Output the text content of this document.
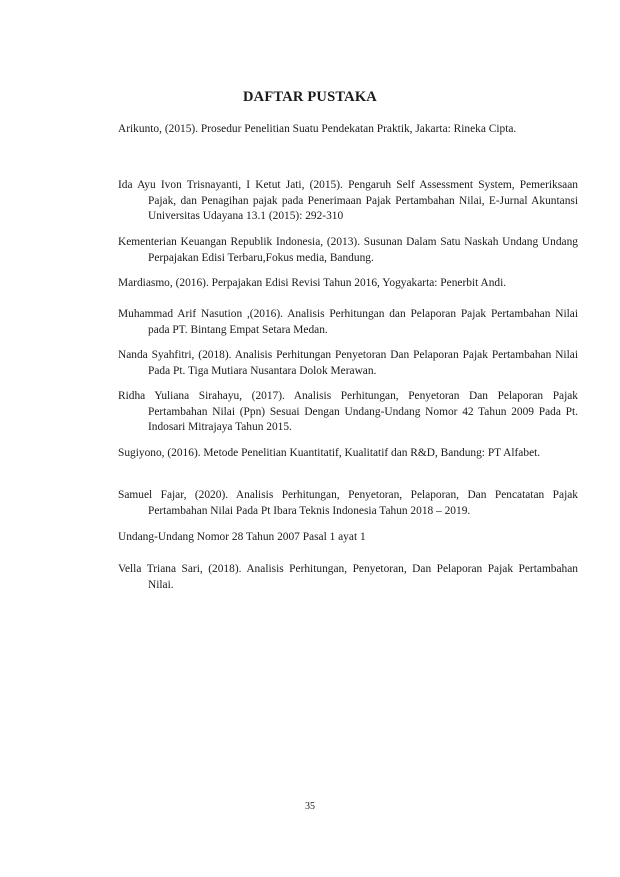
DAFTAR PUSTAKA
Arikunto, (2015). Prosedur Penelitian Suatu Pendekatan Praktik, Jakarta: Rineka Cipta.
Ida Ayu Ivon Trisnayanti, I Ketut Jati, (2015). Pengaruh Self Assessment System, Pemeriksaan Pajak, dan Penagihan pajak pada Penerimaan Pajak Pertambahan Nilai, E-Jurnal Akuntansi Universitas Udayana 13.1 (2015): 292-310
Kementerian Keuangan Republik Indonesia, (2013). Susunan Dalam Satu Naskah Undang Undang Perpajakan Edisi Terbaru,Fokus media, Bandung.
Mardiasmo, (2016). Perpajakan Edisi Revisi Tahun 2016, Yogyakarta: Penerbit Andi.
Muhammad Arif Nasution ,(2016). Analisis Perhitungan dan Pelaporan Pajak Pertambahan Nilai pada PT. Bintang Empat Setara Medan.
Nanda Syahfitri, (2018). Analisis Perhitungan Penyetoran Dan Pelaporan Pajak Pertambahan Nilai Pada Pt. Tiga Mutiara Nusantara Dolok Merawan.
Ridha Yuliana Sirahayu, (2017). Analisis Perhitungan, Penyetoran Dan Pelaporan Pajak Pertambahan Nilai (Ppn) Sesuai Dengan Undang-Undang Nomor 42 Tahun 2009 Pada Pt. Indosari Mitrajaya Tahun 2015.
Sugiyono, (2016). Metode Penelitian Kuantitatif, Kualitatif dan R&D, Bandung: PT Alfabet.
Samuel Fajar, (2020). Analisis Perhitungan, Penyetoran, Pelaporan, Dan Pencatatan Pajak Pertambahan Nilai Pada Pt Ibara Teknis Indonesia Tahun 2018 – 2019.
Undang-Undang Nomor 28 Tahun 2007 Pasal 1 ayat 1
Vella Triana Sari, (2018). Analisis Perhitungan, Penyetoran, Dan Pelaporan Pajak Pertambahan Nilai.
35
